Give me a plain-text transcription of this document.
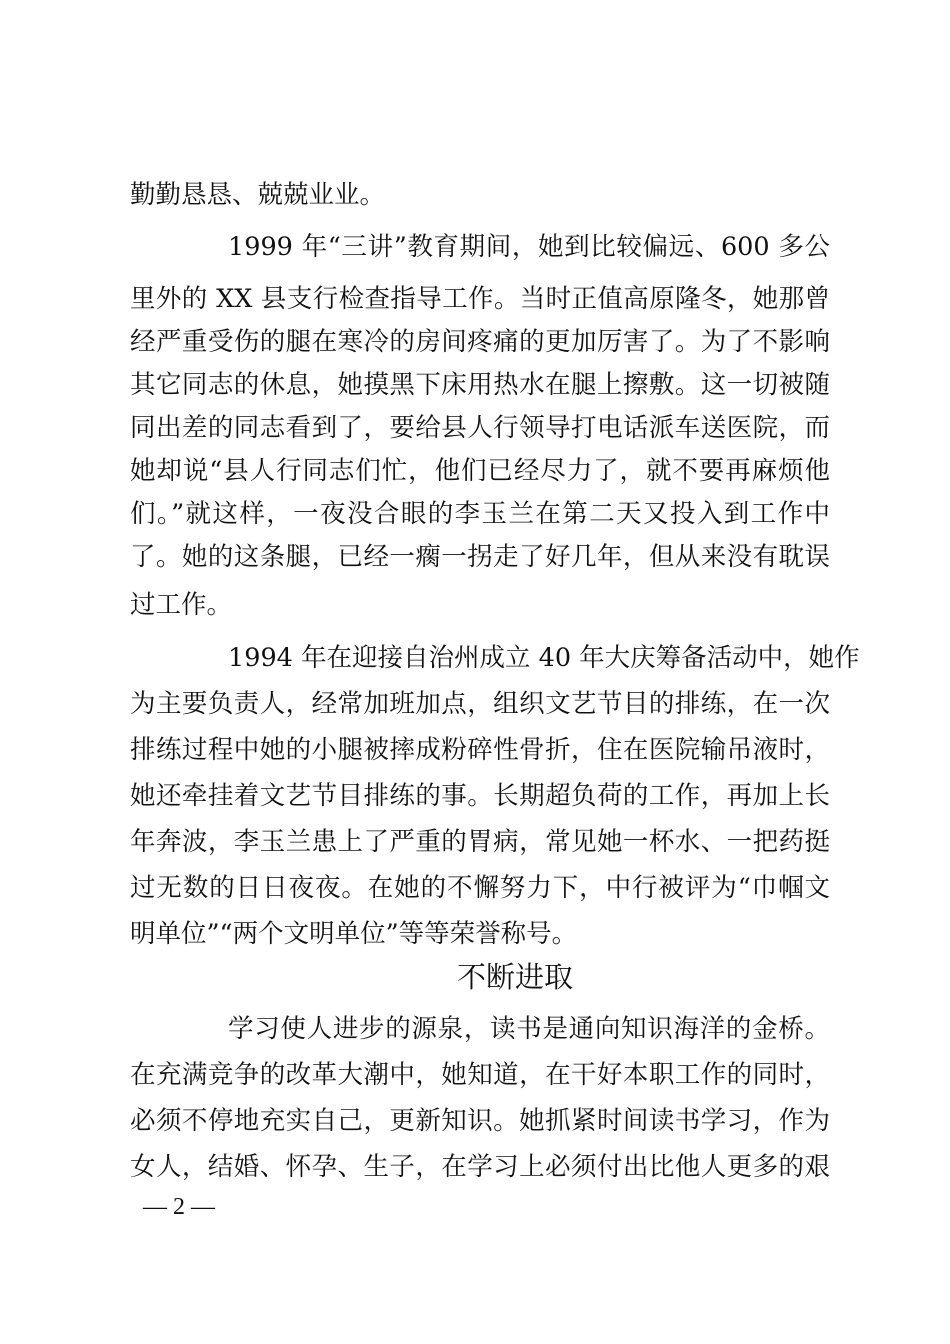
勤勤恳恳、兢兢业业。
1999 年“三讲”教育期间，她到比较偏远、600 多公
里外的 XX 县支行检查指导工作。当时正值高原隆冬，她那曾
经严重受伤的腿在寒冷的房间疼痛的更加厉害了。为了不影响
其它同志的休息，她摸黑下床用热水在腿上擦敷。这一切被随
同出差的同志看到了，要给县人行领导打电话派车送医院，而
她却说“县人行同志们忙，他们已经尽力了，就不要再麻烦他
们。”就这样，一夜没合眼的李玉兰在第二天又投入到工作中
了。她的这条腿，已经一瘸一拐走了好几年，但从来没有耽误
过工作。
1994 年在迎接自治州成立 40 年大庆筹备活动中，她作
为主要负责人，经常加班加点，组织文艺节目的排练，在一次
排练过程中她的小腿被摔成粉碎性骨折，住在医院输吊液时，
她还牵挂着文艺节目排练的事。长期超负荷的工作，再加上长
年奔波，李玉兰患上了严重的胃病，常见她一杯水、一把药挺
过无数的日日夜夜。在她的不懈努力下，中行被评为“巾帼文
明单位”“两个文明单位”等等荣誉称号。
不断进取
学习使人进步的源泉，读书是通向知识海洋的金桥。
在充满竞争的改革大潮中，她知道，在干好本职工作的同时，
必须不停地充实自己，更新知识。她抓紧时间读书学习，作为
女人，结婚、怀孕、生子，在学习上必须付出比他人更多的艰
— 2 —
